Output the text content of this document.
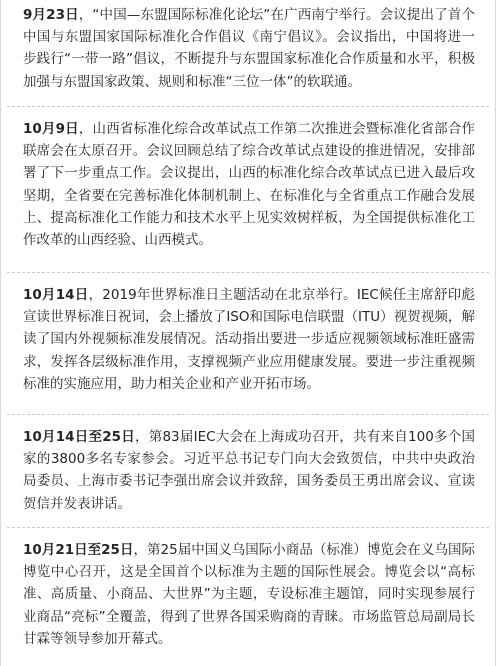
9月23日，“中国—东盟国际标准化论坛”在广西南宁举行。会议提出了首个中国与东盟国家国际标准化合作倡议《南宁倡议》。会议指出，中国将进一步践行“一带一路”倡议，不断提升与东盟国家标准化合作质量和水平，积极加强与东盟国家政策、规则和标准“三位一体”的软联通。

10月9日，山西省标准化综合改革试点工作第二次推进会暨标准化省部合作联席会在太原召开。会议回顾总结了综合改革试点建设的推进情况，安排部署了下一步重点工作。会议提出，山西的标准化综合改革试点已进入最后攻坚期，全省要在完善标准化体制机制上、在标准化与全省重点工作融合发展上、提高标准化工作能力和技术水平上见实效树样板，为全国提供标准化工作改革的山西经验、山西模式。

10月14日，2019年世界标准日主题活动在北京举行。IEC候任主席舒印彪宣读世界标准日祝词，会上播放了ISO和国际电信联盟（ITU）视贺视频，解读了国内外视频标准发展情况。活动指出要进一步适应视频领域标准旺盛需求，发挥各层级标准作用，支撑视频产业应用健康发展。要进一步注重视频标准的实施应用，助力相关企业和产业开拓市场。

10月14日至25日，第83届IEC大会在上海成功召开，共有来自100多个国家的3800多名专家参会。习近平总书记专门向大会致贺信，中共中央政治局委员、上海市委书记李强出席会议并致辞，国务委员王勇出席会议、宣读贺信并发表讲话。

10月21日至25日，第25届中国义乌国际小商品（标准）博览会在义乌国际博览中心召开，这是全国首个以标准为主题的国际性展会。博览会以“高标准、高质量、小商品、大世界”为主题，专设标准主题馆，同时实现参展行业商品“亮标”全覆盖，得到了世界各国采购商的青睐。市场监管总局副局长甘霖等领导参加开幕式。
